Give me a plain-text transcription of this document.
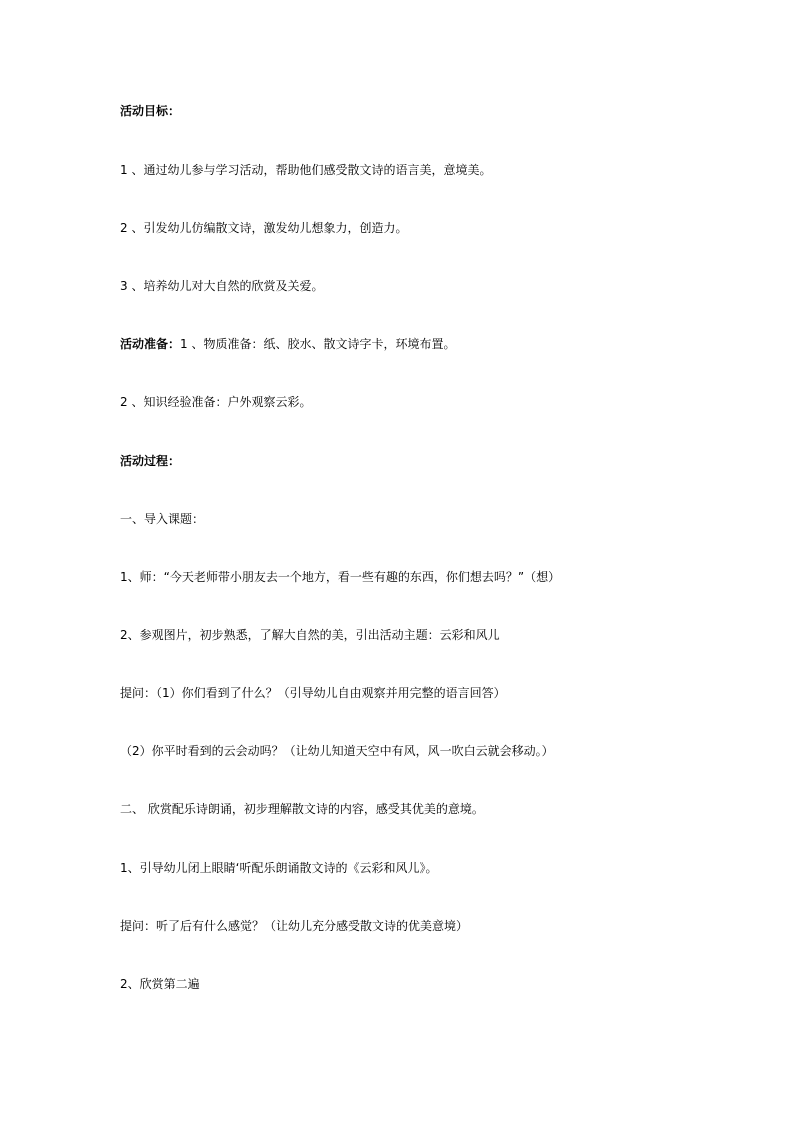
活动目标：
1 、通过幼儿参与学习活动，帮助他们感受散文诗的语言美，意境美。
2 、引发幼儿仿编散文诗，激发幼儿想象力，创造力。
3 、培养幼儿对大自然的欣赏及关爱。
活动准备：1 、物质准备：纸、胶水、散文诗字卡，环境布置。
2 、知识经验准备：户外观察云彩。
活动过程：
一、导入课题：
1、师：“今天老师带小朋友去一个地方，看一些有趣的东西，你们想去吗？”（想）
2、参观图片，初步熟悉，了解大自然的美，引出活动主题：云彩和风儿
提问：（1）你们看到了什么？（引导幼儿自由观察并用完整的语言回答）
（2）你平时看到的云会动吗？（让幼儿知道天空中有风，风一吹白云就会移动。）
二、 欣赏配乐诗朗诵，初步理解散文诗的内容，感受其优美的意境。
1、引导幼儿闭上眼睛‘听配乐朗诵散文诗的《云彩和风儿》。
提问：听了后有什么感觉？（让幼儿充分感受散文诗的优美意境）
2、欣赏第二遍
